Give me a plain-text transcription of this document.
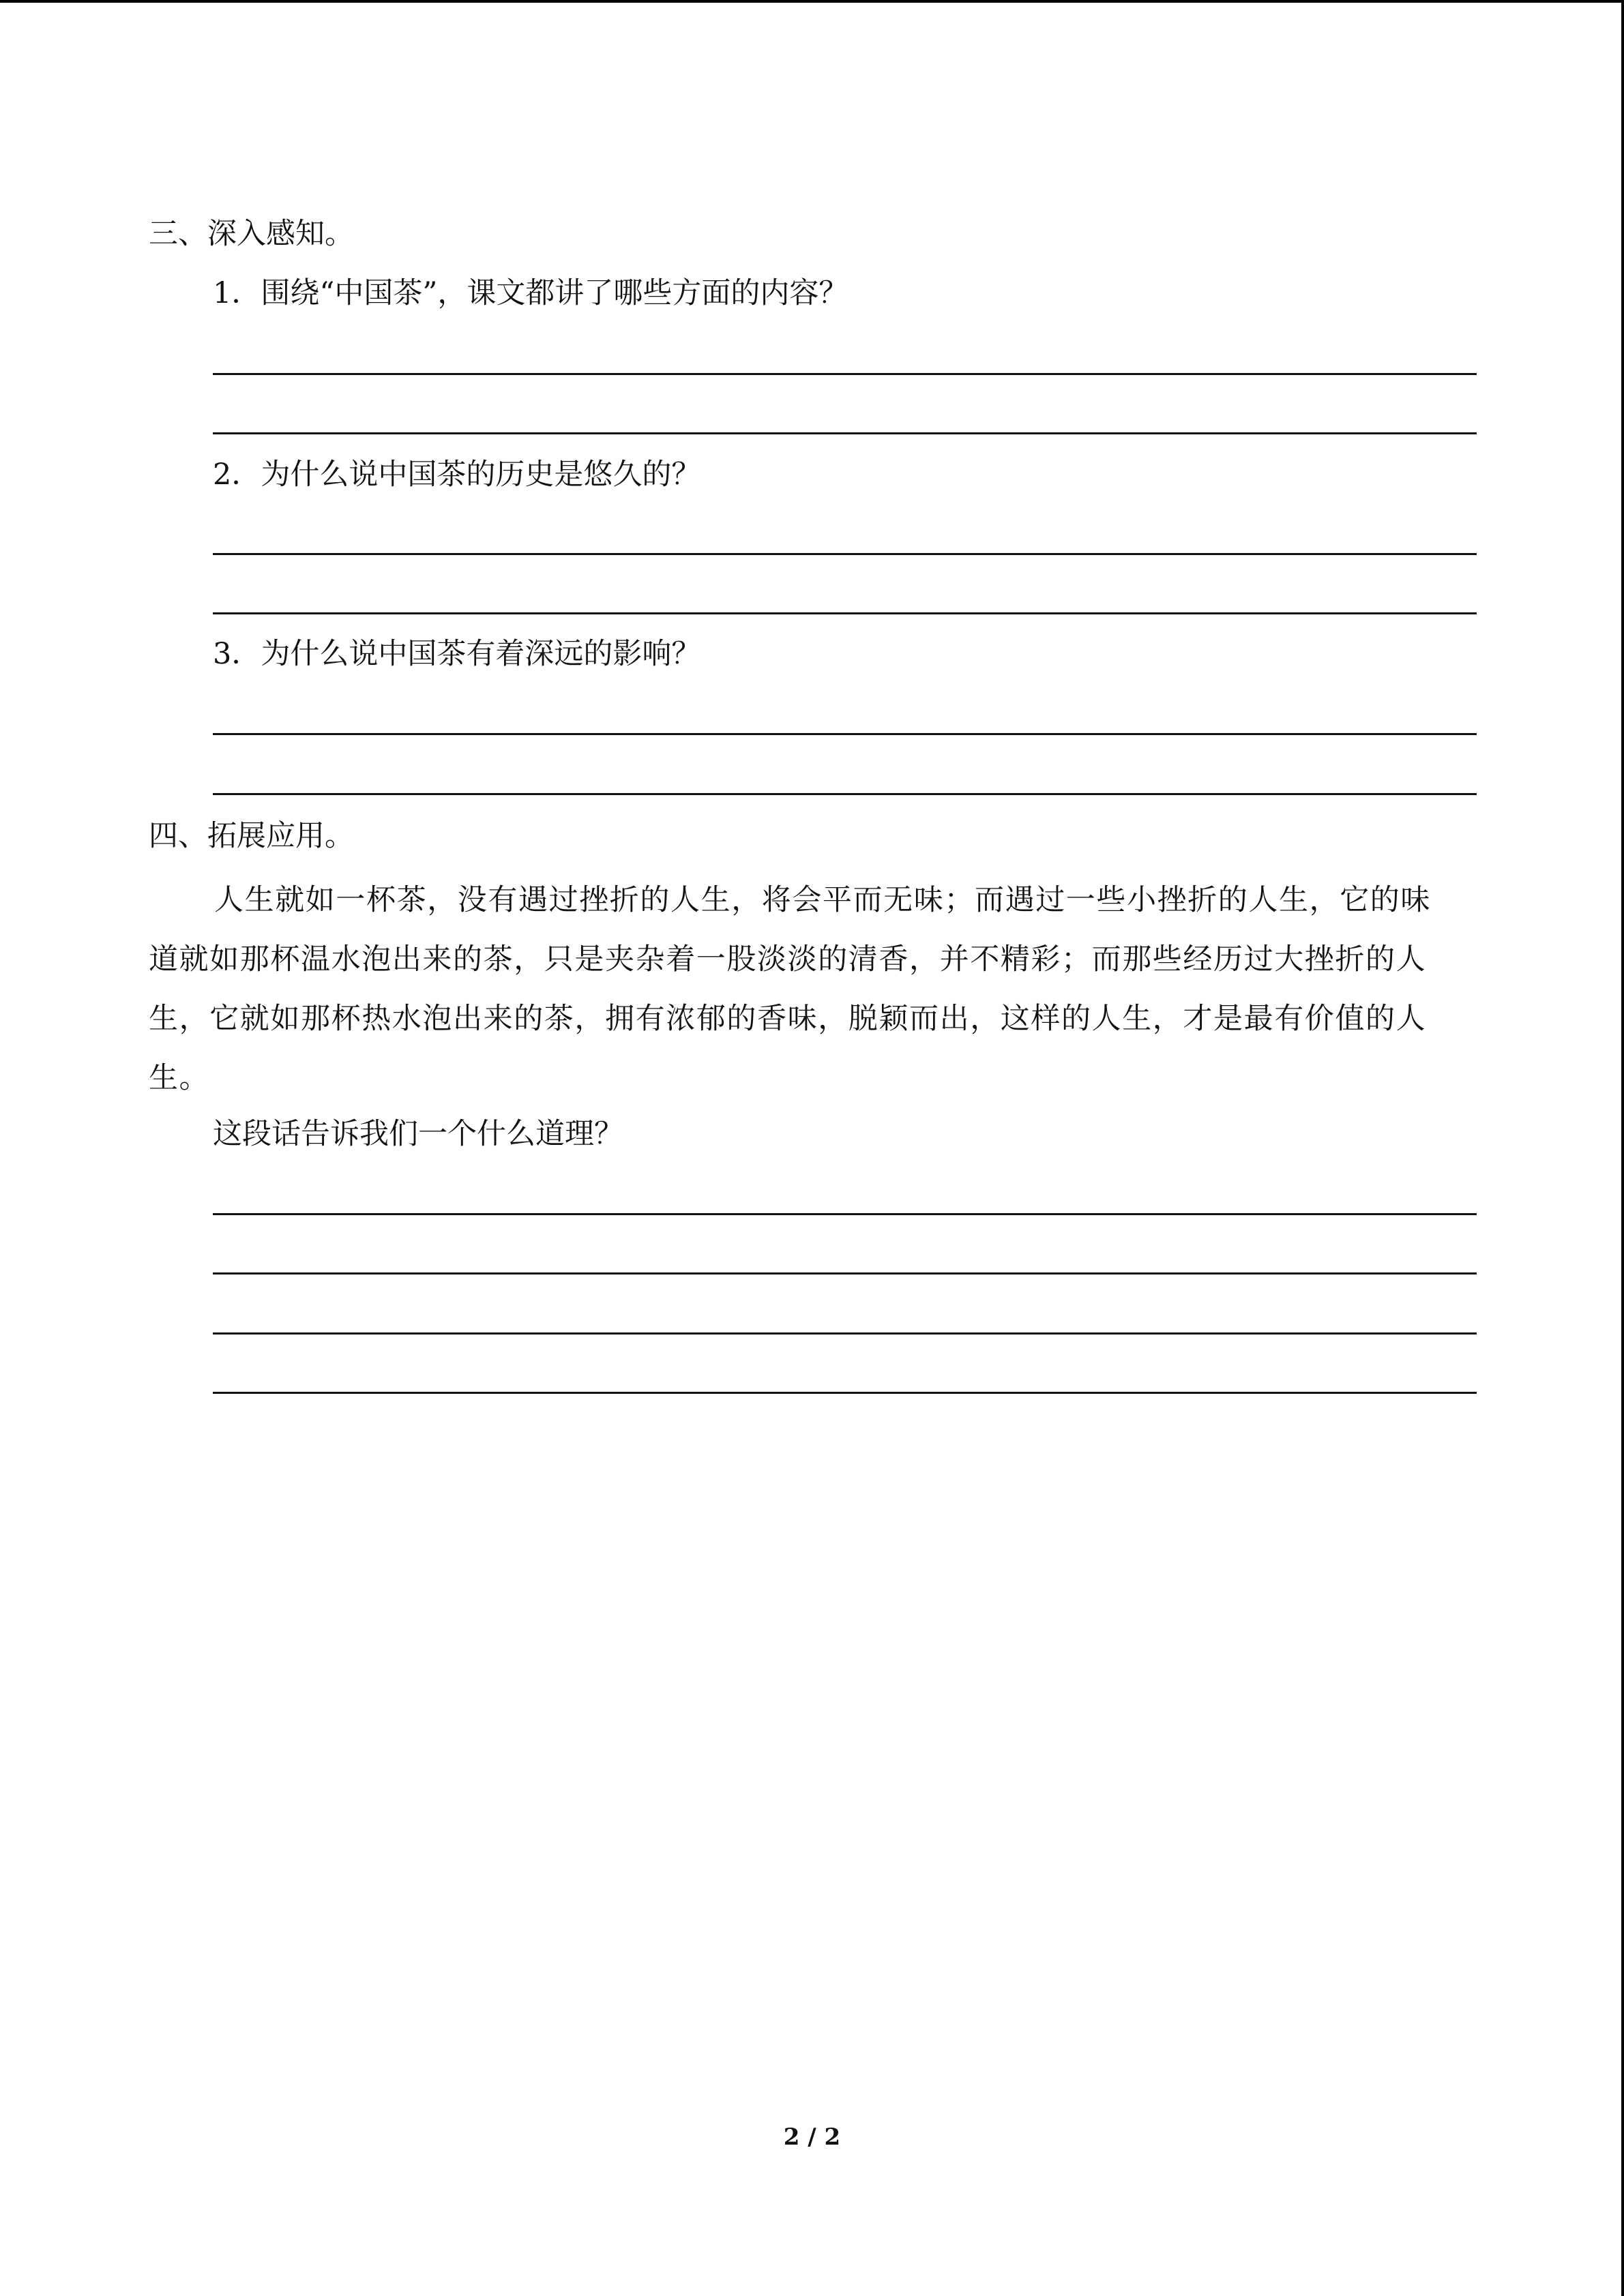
三、深入感知。
1．围绕“中国茶”，课文都讲了哪些方面的内容？
2．为什么说中国茶的历史是悠久的？
3．为什么说中国茶有着深远的影响？
四、拓展应用。
人生就如一杯茶，没有遇过挫折的人生，将会平而无味；而遇过一些小挫折的人生，它的味道就如那杯温水泡出来的茶，只是夹杂着一股淡淡的清香，并不精彩；而那些经历过大挫折的人生，它就如那杯热水泡出来的茶，拥有浓郁的香味，脱颖而出，这样的人生，才是最有价值的人生。
这段话告诉我们一个什么道理？
2 / 2
